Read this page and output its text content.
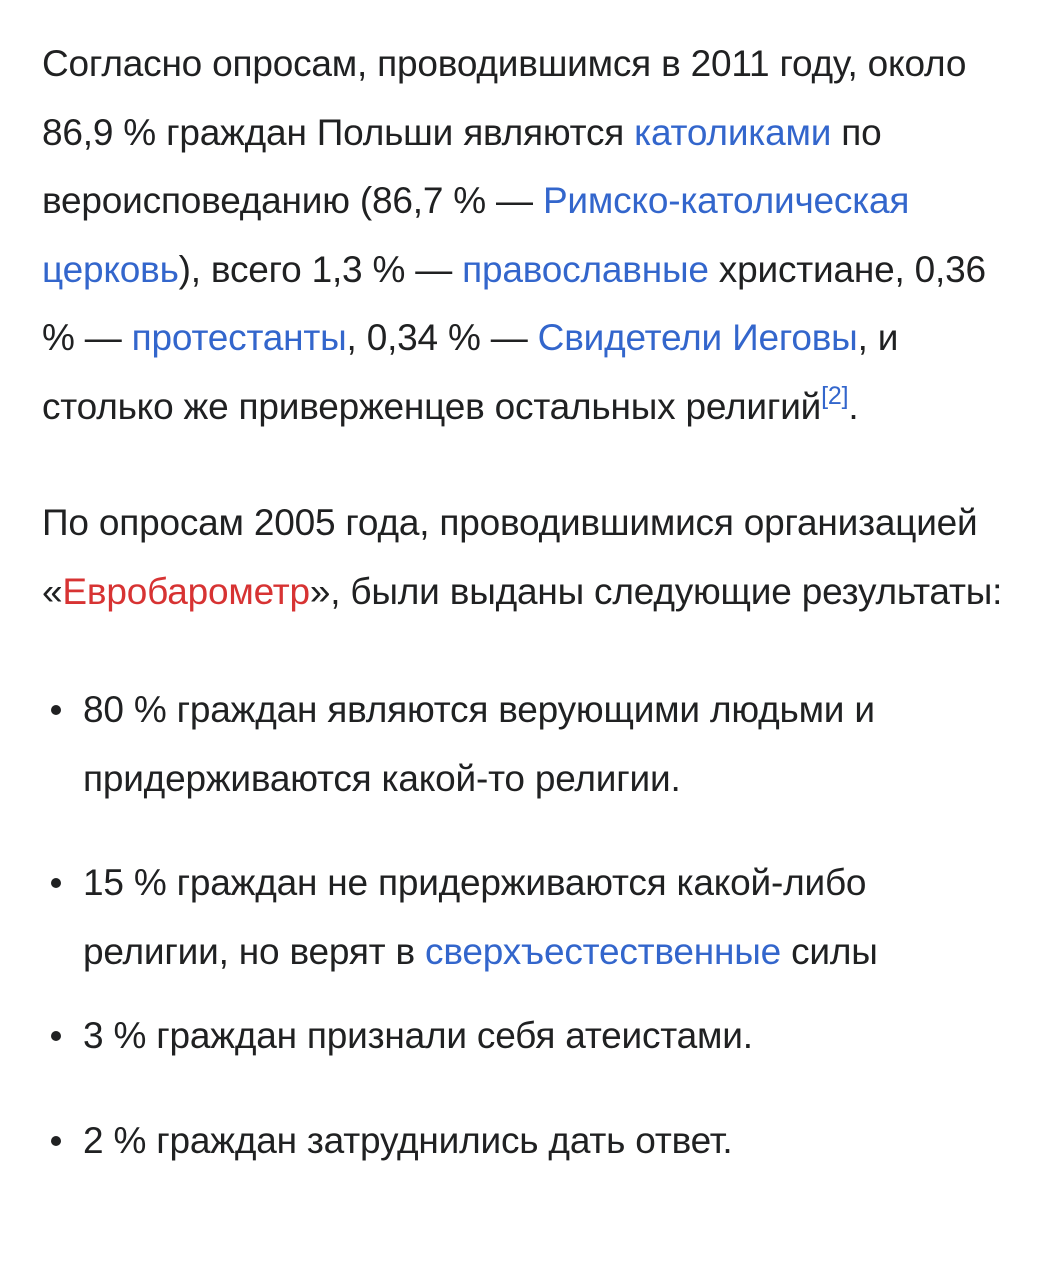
Согласно опросам, проводившимся в 2011 году, около 86,9 % граждан Польши являются католиками по вероисповеданию (86,7 % — Римско-католическая церковь), всего 1,3 % — православные христиане, 0,36 % — протестанты, 0,34 % — Свидетели Иеговы, и столько же приверженцев остальных религий[2].

По опросам 2005 года, проводившимися организацией «Евробарометр», были выданы следующие результаты:

80 % граждан являются верующими людьми и придерживаются какой-то религии.
15 % граждан не придерживаются какой-либо религии, но верят в сверхъестественные силы
3 % граждан признали себя атеистами.
2 % граждан затруднились дать ответ.
